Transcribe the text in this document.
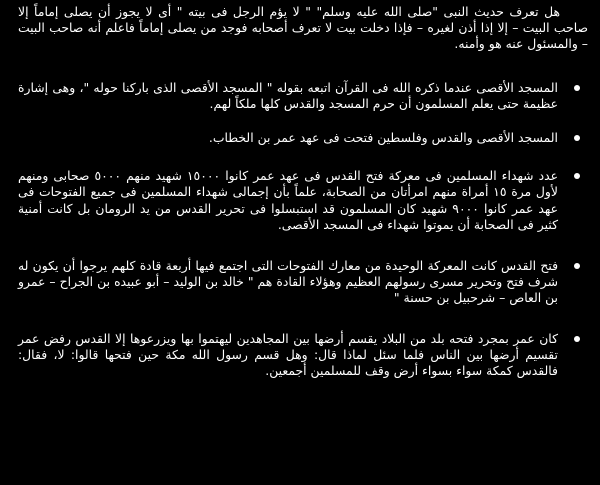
هل تعرف حديث النبى "صلى الله عليه وسلم" " لا يؤم الرجل فى بيته " أى لا يجوز أن يصلى إماماً إلا صاحب البيت – إلا إذا أذن لغيره – فإذا دخلت بيت لا تعرف أصحابه فوجد من يصلى إماماً فاعلم أنه صاحب البيت – والمسئول عنه هو وأمنه.

المسجد الأقصى عندما ذكره الله فى القرآن اتبعه بقوله " المسجد الأقصى الذى باركنا حوله "، وهى إشارة عظيمة حتى يعلم المسلمون أن حرم المسجد والقدس كلها ملكاً لهم.
المسجد الأقصى والقدس وفلسطين فتحت فى عهد عمر بن الخطاب.
عدد شهداء المسلمين فى معركة فتح القدس فى عهد عمر كانوا ١٥٠٠٠ شهيد منهم ٥٠٠٠ صحابى ومنهم لأول مرة ١٥ أمراة منهم امرأتان من الصحابة، علماً بأن إجمالى شهداء المسلمين فى جميع الفتوحات فى عهد عمر كانوا ٩٠٠٠ شهيد كان المسلمون قد استبسلوا فى تحرير القدس من يد الرومان بل كانت أمنية كثير فى الصحابة أن يموتوا شهداء فى المسجد الأقصى.
فتح القدس كانت المعركة الوحيدة من معارك الفتوحات التى اجتمع فيها أربعة قادة كلهم يرجوا أن يكون له شرف فتح وتحرير مسرى رسولهم العظيم وهؤلاء القادة هم " خالد بن الوليد – أبو عبيده بن الجراح – عمرو بن العاص – شرحبيل بن حسنة "
كان عمر بمجرد فتحه بلد من البلاد يقسم أرضها بين المجاهدين ليهتموا بها ويزرعوها إلا القدس رفض عمر تقسيم أرضها بين الناس فلما سئل لماذا قال: وهل قسم رسول الله مكة حين فتحها قالوا: لا، فقال: فالقدس كمكة سواء بسواء أرض وقف للمسلمين أجمعين.
